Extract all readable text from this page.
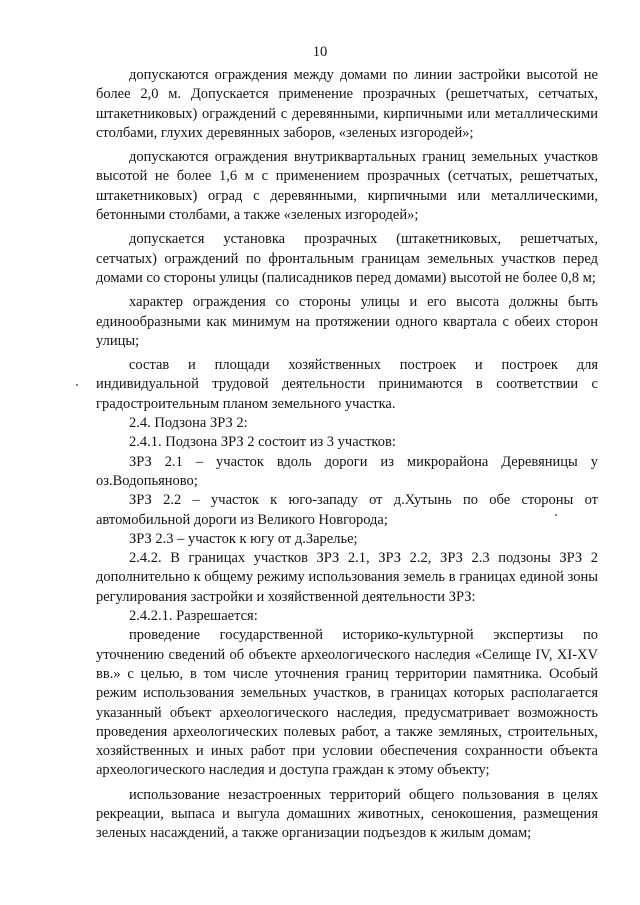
10

допускаются ограждения между домами по линии застройки высотой не более 2,0 м. Допускается применение прозрачных (решетчатых, сетчатых, штакетниковых) ограждений с деревянными, кирпичными или металлическими столбами, глухих деревянных заборов, «зеленых изгородей»;

допускаются ограждения внутриквартальных границ земельных участков высотой не более 1,6 м с применением прозрачных (сетчатых, решетчатых, штакетниковых) оград с деревянными, кирпичными или металлическими, бетонными столбами, а также «зеленых изгородей»;

допускается установка прозрачных (штакетниковых, решетчатых, сетчатых) ограждений по фронтальным границам земельных участков перед домами со стороны улицы (палисадников перед домами) высотой не более 0,8 м;

характер ограждения со стороны улицы и его высота должны быть единообразными как минимум на протяжении одного квартала с обеих сторон улицы;

состав и площади хозяйственных построек и построек для индивидуальной трудовой деятельности принимаются в соответствии с градостроительным планом земельного участка.

2.4. Подзона ЗРЗ 2:

2.4.1. Подзона ЗРЗ 2 состоит из 3 участков:

ЗРЗ 2.1 – участок вдоль дороги из микрорайона Деревяницы у оз.Водопьяново;

ЗРЗ 2.2 – участок к юго-западу от д.Хутынь по обе стороны от автомобильной дороги из Великого Новгорода;

ЗРЗ 2.3 – участок к югу от д.Зарелье;

2.4.2. В границах участков ЗРЗ 2.1, ЗРЗ 2.2, ЗРЗ 2.3 подзоны ЗРЗ 2 дополнительно к общему режиму использования земель в границах единой зоны регулирования застройки и хозяйственной деятельности ЗРЗ:

2.4.2.1. Разрешается:

проведение государственной историко-культурной экспертизы по уточнению сведений об объекте археологического наследия «Селище IV, XI-XV вв.» с целью, в том числе уточнения границ территории памятника. Особый режим использования земельных участков, в границах которых располагается указанный объект археологического наследия, предусматривает возможность проведения археологических полевых работ, а также земляных, строительных, хозяйственных и иных работ при условии обеспечения сохранности объекта археологического наследия и доступа граждан к этому объекту;

использование незастроенных территорий общего пользования в целях рекреации, выпаса и выгула домашних животных, сенокошения, размещения зеленых насаждений, а также организации подъездов к жилым домам;
